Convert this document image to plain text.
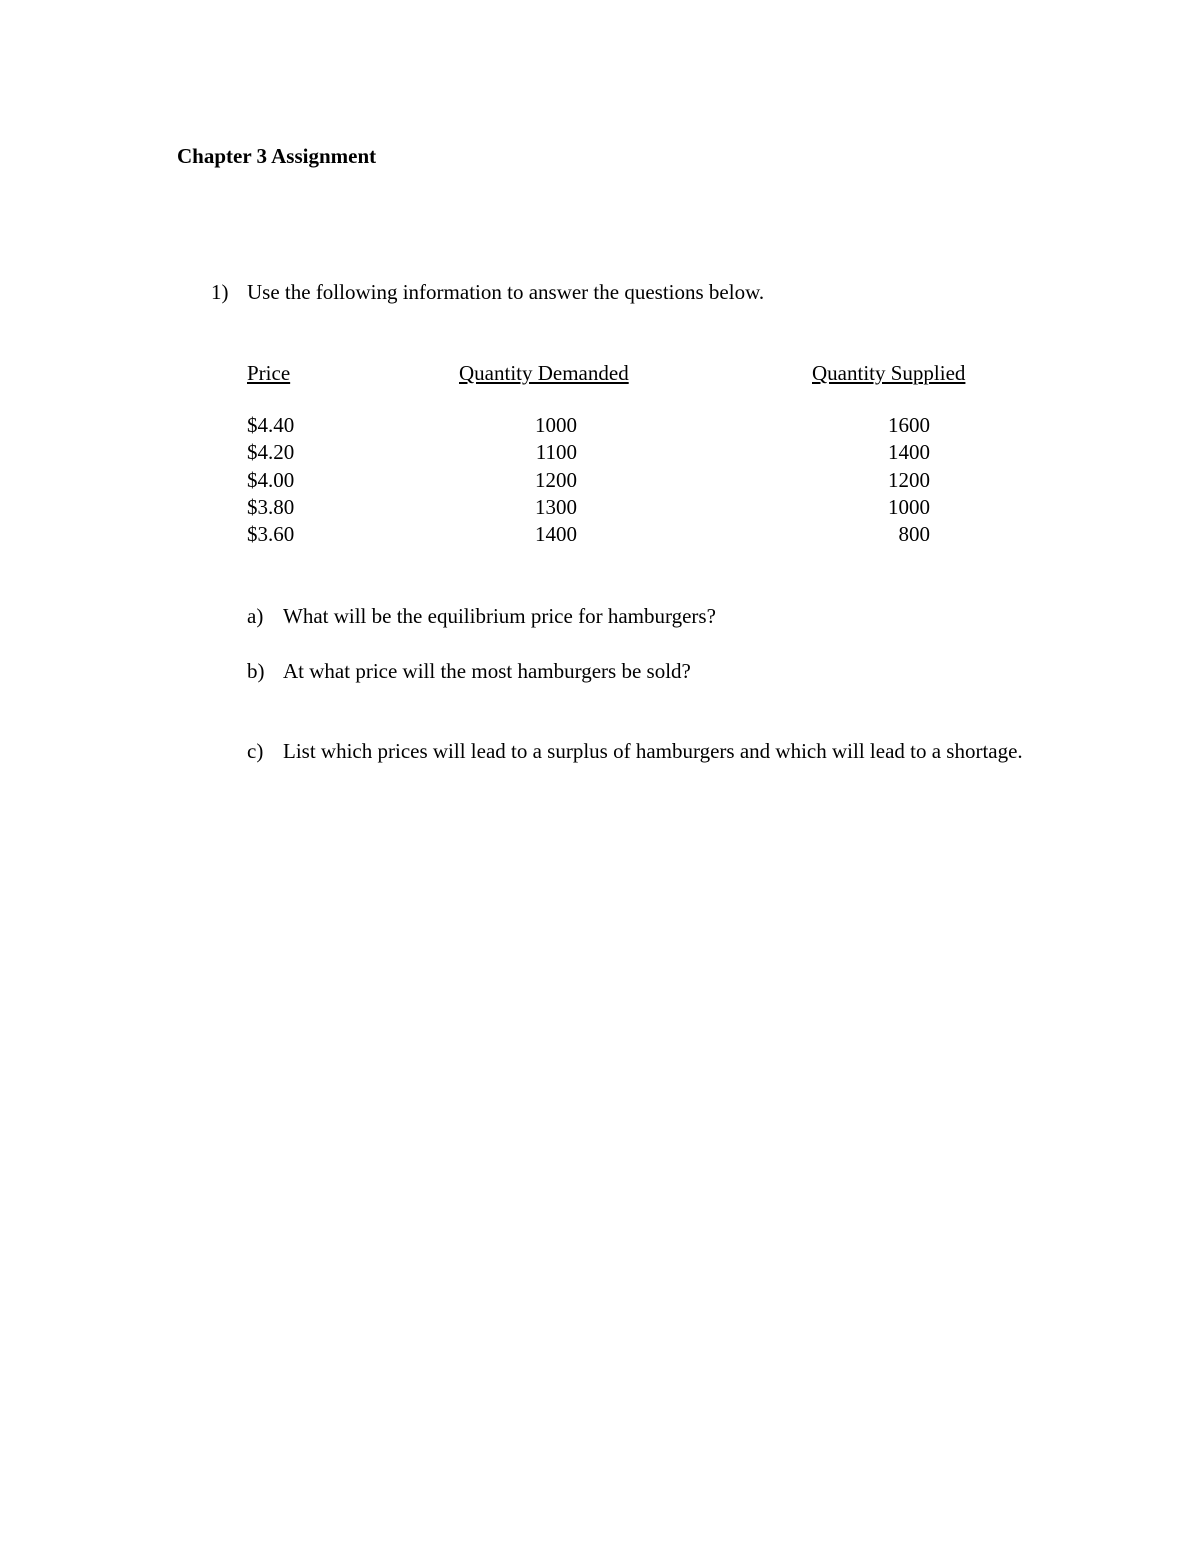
Chapter 3 Assignment
1) Use the following information to answer the questions below.
Price	Quantity Demanded	Quantity Supplied
$4.40	1000	1600
$4.20	1100	1400
$4.00	1200	1200
$3.80	1300	1000
$3.60	1400	800
a) What will be the equilibrium price for hamburgers?
b) At what price will the most hamburgers be sold?
c) List which prices will lead to a surplus of hamburgers and which will lead to a shortage.
